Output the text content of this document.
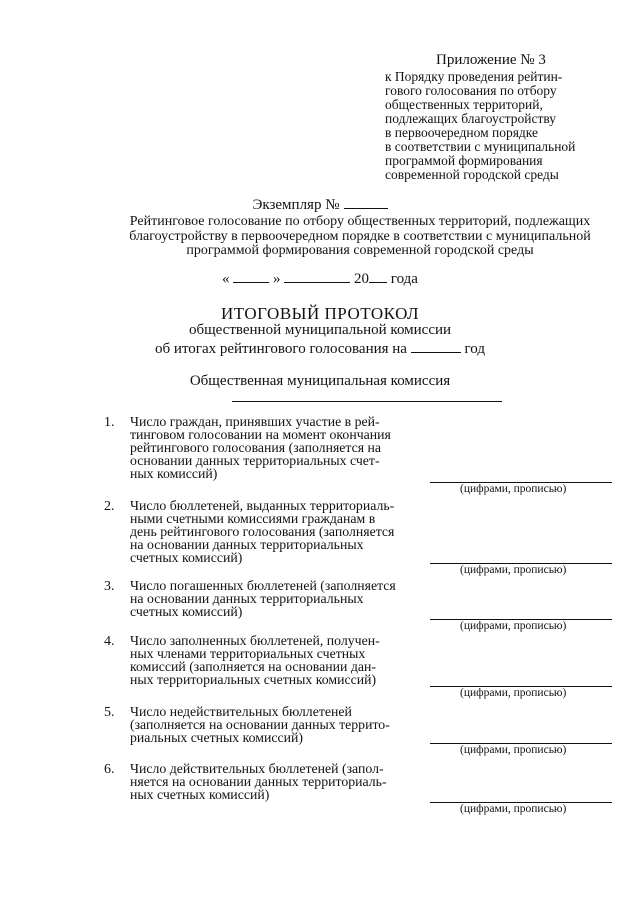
Приложение № 3
к Порядку проведения рейтин-
гового голосования по отбору
общественных территорий,
подлежащих благоустройству
в первоочередном порядке
в соответствии с муниципальной
программой формирования
современной городской среды
Экземпляр №
Рейтинговое голосование по отбору общественных территорий, подлежащих
благоустройству в первоочередном порядке в соответствии с муниципальной
программой формирования современной городской среды
«	»	20 года
ИТОГОВЫЙ ПРОТОКОЛ
общественной муниципальной комиссии
об итогах рейтингового голосования на	год
Общественная муниципальная комиссия
1.	Число граждан, принявших участие в рей-
тинговом голосовании на момент окончания
рейтингового голосования (заполняется на
основании данных территориальных счет-
ных комиссий)
(цифрами, прописью)
2.	Число бюллетеней, выданных территориаль-
ными счетными комиссиями гражданам в
день рейтингового голосования (заполняется
на основании данных территориальных
счетных комиссий)
(цифрами, прописью)
3.	Число погашенных бюллетеней (заполняется
на основании данных территориальных
счетных комиссий)
(цифрами, прописью)
4.	Число заполненных бюллетеней, получен-
ных членами территориальных счетных
комиссий (заполняется на основании дан-
ных территориальных счетных комиссий)
(цифрами, прописью)
5.	Число недействительных бюллетеней
(заполняется на основании данных террито-
риальных счетных комиссий)
(цифрами, прописью)
6.	Число действительных бюллетеней (запол-
няется на основании данных территориаль-
ных счетных комиссий)
(цифрами, прописью)
